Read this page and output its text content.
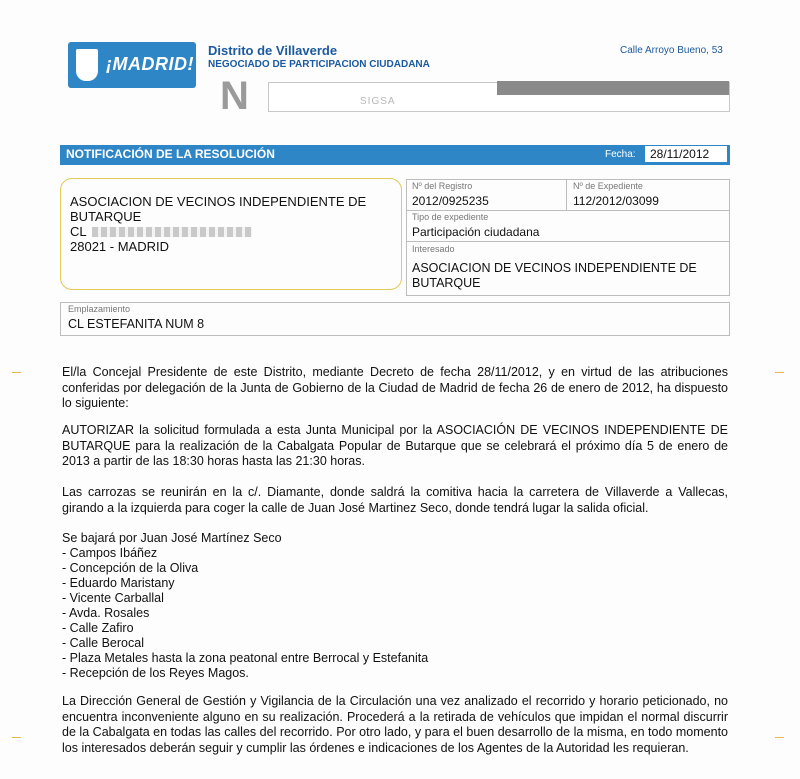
¡MADRID!
Distrito de Villaverde
NEGOCIADO DE PARTICIPACION CIUDADANA
Calle Arroyo Bueno, 53
N	SIGSA
NOTIFICACIÓN DE LA RESOLUCIÓN	Fecha:	28/11/2012
ASOCIACION DE VECINOS INDEPENDIENTE DE
BUTARQUE
CL
28021 - MADRID
Nº del Registro
2012/0925235
Nº de Expediente
112/2012/03099
Tipo de expediente
Participación ciudadana
Interesado
ASOCIACION DE VECINOS INDEPENDIENTE DE
BUTARQUE
Emplazamiento
CL ESTEFANITA NUM 8

El/la Concejal Presidente de este Distrito, mediante Decreto de fecha 28/11/2012, y en virtud de las atribuciones conferidas por delegación de la Junta de Gobierno de la Ciudad de Madrid de fecha 26 de enero de 2012, ha dispuesto lo siguiente:

AUTORIZAR la solicitud formulada a esta Junta Municipal por la ASOCIACIÓN DE VECINOS INDEPENDIENTE DE BUTARQUE para la realización de la Cabalgata Popular de Butarque que se celebrará el próximo día 5 de enero de 2013 a partir de las 18:30 horas hasta las 21:30 horas.

Las carrozas se reunirán en la c/. Diamante, donde saldrá la comitiva hacia la carretera de Villaverde a Vallecas, girando a la izquierda para coger la calle de Juan José Martinez Seco, donde tendrá lugar la salida oficial.

Se bajará por Juan José Martínez Seco
- Campos Ibáñez
- Concepción de la Oliva
- Eduardo Maristany
- Vicente Carballal
- Avda. Rosales
- Calle Zafiro
- Calle Berocal
- Plaza Metales hasta la zona peatonal entre Berrocal y Estefanita
- Recepción de los Reyes Magos.

La Dirección General de Gestión y Vigilancia de la Circulación una vez analizado el recorrido y horario peticionado, no encuentra inconveniente alguno en su realización. Procederá a la retirada de vehículos que impidan el normal discurrir de la Cabalgata en todas las calles del recorrido. Por otro lado, y para el buen desarrollo de la misma, en todo momento los interesados deberán seguir y cumplir las órdenes e indicaciones de los Agentes de la Autoridad les requieran.
